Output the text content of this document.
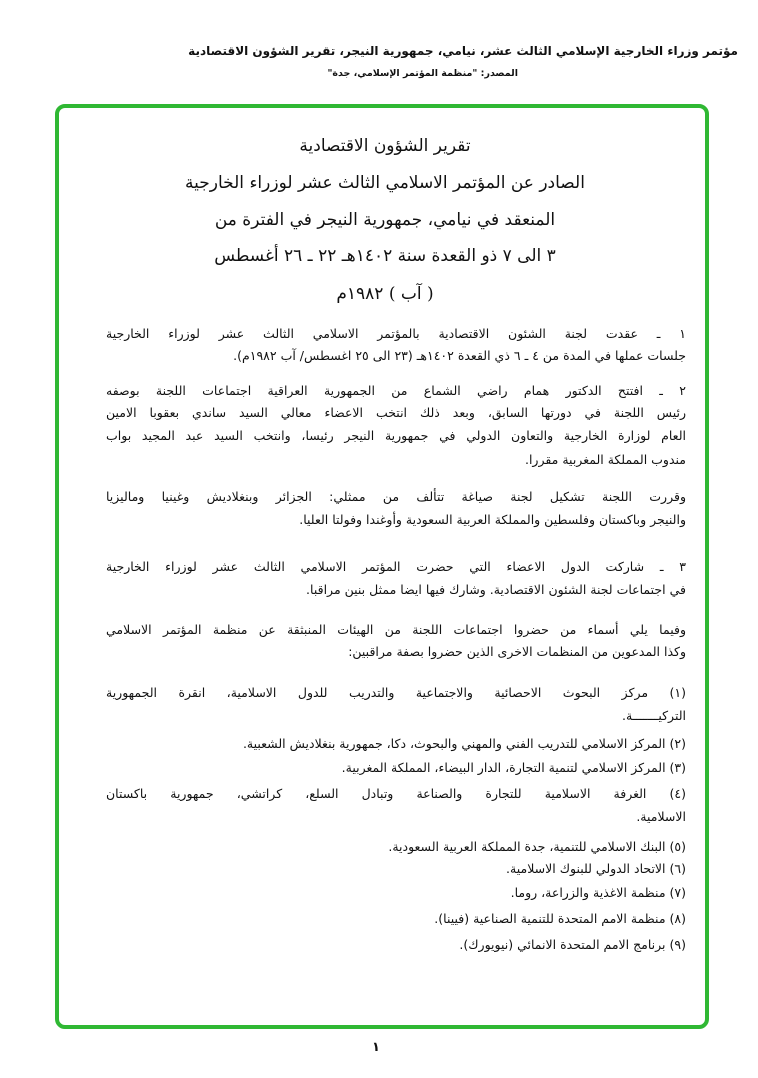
مؤتمر وزراء الخارجية الإسلامي الثالث عشر، نيامي، جمهورية النيجر، تقرير الشؤون الاقتصادية
المصدر: "منظمة المؤتمر الإسلامي، جدة"
تقرير الشؤون الاقتصادية
الصادر عن المؤتمر الاسلامي الثالث عشر لوزراء الخارجية
المنعقد في نيامي، جمهورية النيجر في الفترة من
٣ الى ٧ ذو القعدة سنة ١٤٠٢هـ ٢٢ ـ ٢٦ أغسطس
( آب ) ١٩٨٢م
١ ـ عقدت لجنة الشئون الاقتصادية بالمؤتمر الاسلامي الثالث عشر لوزراء الخارجية
جلسات عملها في المدة من ٤ ـ ٦ ذي القعدة ١٤٠٢هـ (٢٣ الى ٢٥ اغسطس/ آب ١٩٨٢م).
٢ ـ افتتح الدكتور همام راضي الشماع من الجمهورية العراقية اجتماعات اللجنة بوصفه
رئيس اللجنة في دورتها السابق، وبعد ذلك انتخب الاعضاء معالي السيد ساندي بعقوبا الامين
العام لوزارة الخارجية والتعاون الدولي في جمهورية النيجر رئيسا، وانتخب السيد عبد المجيد بواب
مندوب المملكة المغربية مقررا.
وقررت اللجنة تشكيل لجنة صياغة تتألف من ممثلي: الجزائر وبنغلاديش وغينيا وماليزيا
والنيجر وباكستان وفلسطين والمملكة العربية السعودية وأوغندا وفولتا العليا.
٣ ـ شاركت الدول الاعضاء التي حضرت المؤتمر الاسلامي الثالث عشر لوزراء الخارجية
في اجتماعات لجنة الشئون الاقتصادية. وشارك فيها ايضا ممثل بنين مراقبا.
وفيما يلي أسماء من حضروا اجتماعات اللجنة من الهيئات المنبثقة عن منظمة المؤتمر الاسلامي
وكذا المدعوين من المنظمات الاخرى الذين حضروا بصفة مراقبين:
(١) مركز البحوث الاحصائية والاجتماعية والتدريب للدول الاسلامية، انقرة الجمهورية
التركيـــــــة.
(٢) المركز الاسلامي للتدريب الفني والمهني والبحوث، دكا، جمهورية بنغلاديش الشعبية.
(٣) المركز الاسلامي لتنمية التجارة، الدار البيضاء، المملكة المغربية.
(٤) الغرفة الاسلامية للتجارة والصناعة وتبادل السلع، كراتشي، جمهورية باكستان
الاسلامية.
(٥) البنك الاسلامي للتنمية، جدة المملكة العربية السعودية.
(٦) الاتحاد الدولي للبنوك الاسلامية.
(٧) منظمة الاغذية والزراعة، روما.
(٨) منظمة الامم المتحدة للتنمية الصناعية (فيينا).
(٩) برنامج الامم المتحدة الانمائي (نيويورك).
١
